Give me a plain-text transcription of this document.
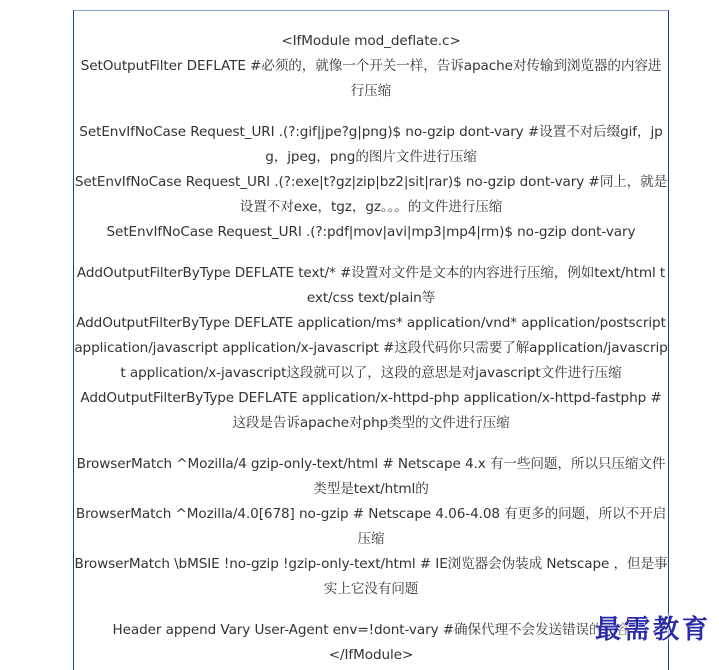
<IfModule mod_deflate.c>

SetOutputFilter DEFLATE #必须的，就像一个开关一样，告诉apache对传输到浏览器的内容进行压缩

SetEnvIfNoCase Request_URI .(?:gif|jpe?g|png)$ no-gzip dont-vary #设置不对后缀gif，jpg，jpeg，png的图片文件进行压缩

SetEnvIfNoCase Request_URI .(?:exe|t?gz|zip|bz2|sit|rar)$ no-gzip dont-vary #同上，就是设置不对exe，tgz，gz。。。的文件进行压缩

SetEnvIfNoCase Request_URI .(?:pdf|mov|avi|mp3|mp4|rm)$ no-gzip dont-vary

AddOutputFilterByType DEFLATE text/* #设置对文件是文本的内容进行压缩，例如text/html text/css text/plain等

AddOutputFilterByType DEFLATE application/ms* application/vnd* application/postscript application/javascript application/x-javascript #这段代码你只需要了解application/javascript application/x-javascript这段就可以了，这段的意思是对javascript文件进行压缩

AddOutputFilterByType DEFLATE application/x-httpd-php application/x-httpd-fastphp #这段是告诉apache对php类型的文件进行压缩

BrowserMatch ^Mozilla/4 gzip-only-text/html # Netscape 4.x 有一些问题，所以只压缩文件类型是text/html的

BrowserMatch ^Mozilla/4.0[678] no-gzip # Netscape 4.06-4.08 有更多的问题，所以不开启压缩

BrowserMatch \bMSIE !no-gzip !gzip-only-text/html # IE浏览器会伪装成 Netscape ，但是事实上它没有问题

Header append Vary User-Agent env=!dont-vary #确保代理不会发送错误的内容

</IfModule>

最需教育
